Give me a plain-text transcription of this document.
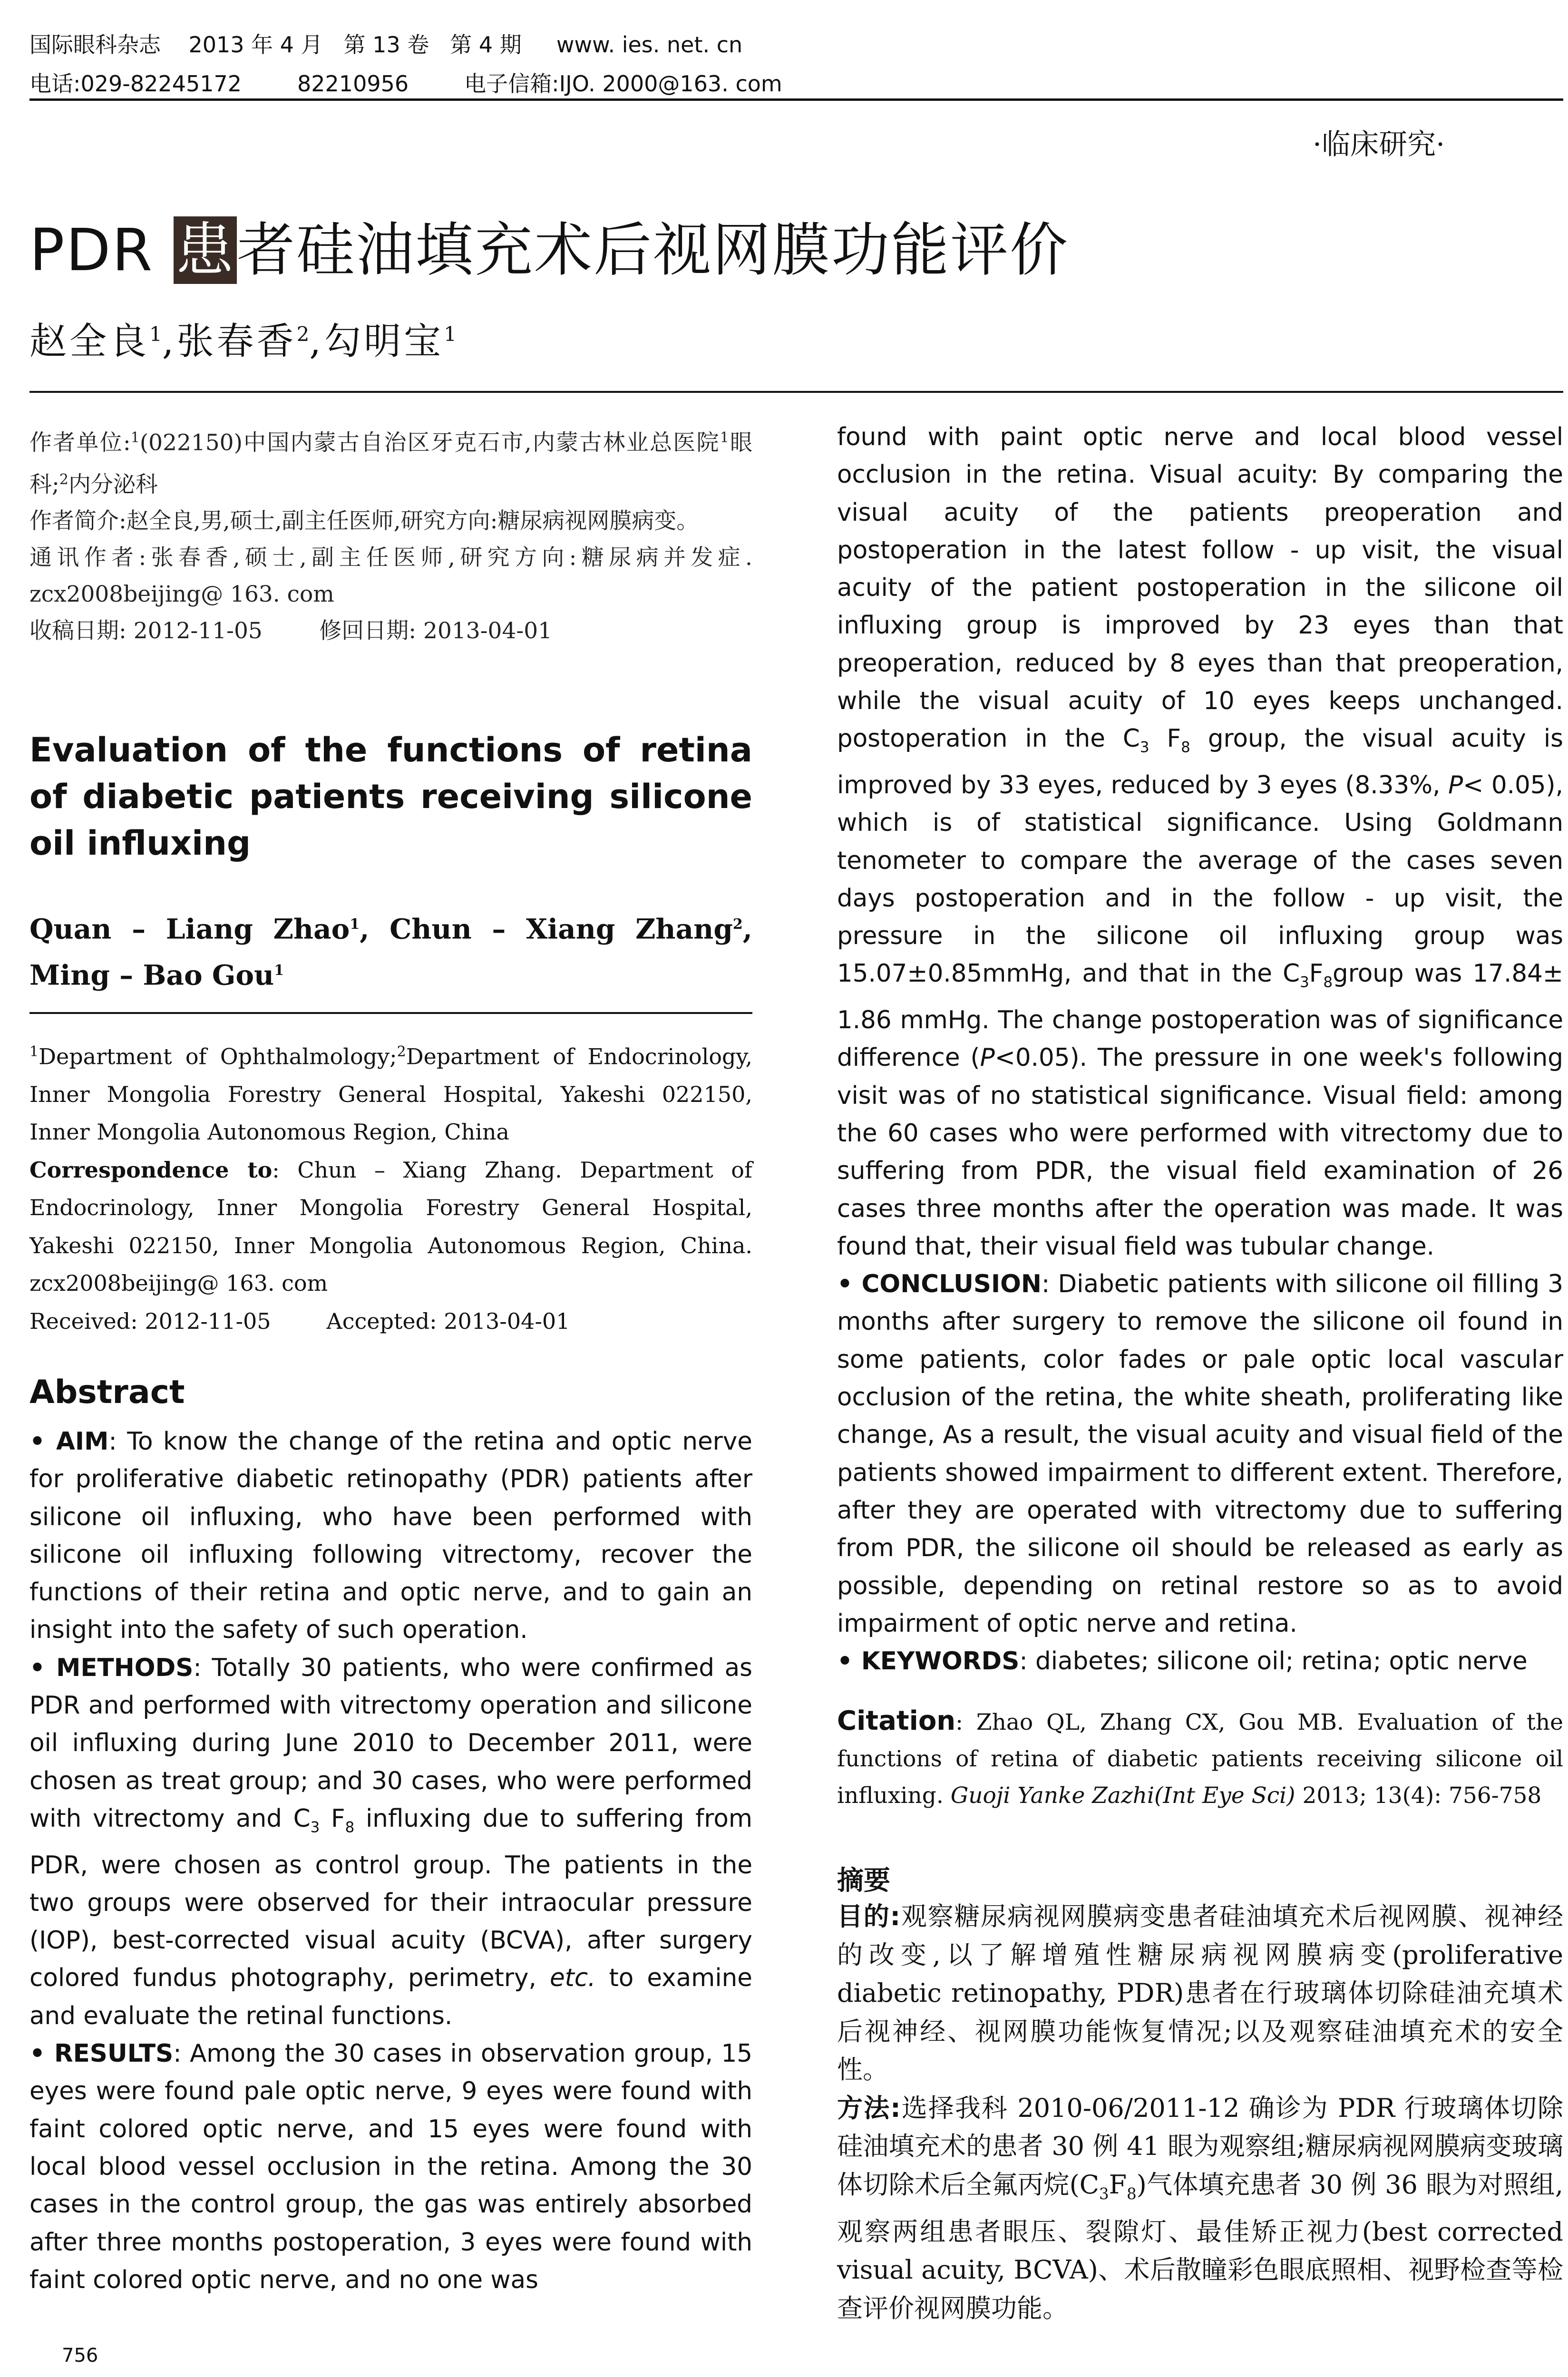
国际眼科杂志    2013 年 4 月   第 13 卷   第 4 期     www. ies. net. cn
电话:029-82245172        82210956        电子信箱:IJO. 2000@163. com
·临床研究·
PDR 患者硅油填充术后视网膜功能评价
赵全良$^1$,张春香$^2$,勾明宝$^1$

作者单位:$^1$(022150)中国内蒙古自治区牙克石市,内蒙古林业总医院$^1$眼科;$^2$内分泌科

作者简介:赵全良,男,硕士,副主任医师,研究方向:糖尿病视网膜病变。

通讯作者:张春香,硕士,副主任医师,研究方向:糖尿病并发症. zcx2008beijing@ 163. com

收稿日期: 2012-11-05        修回日期: 2013-04-01

Evaluation of the functions of retina of diabetic patients receiving silicone oil influxing

Quan – Liang Zhao$^1$, Chun – Xiang Zhang$^2$, Ming – Bao Gou$^1$

$^1$Department of Ophthalmology;$^2$Department of Endocrinology, Inner Mongolia Forestry General Hospital, Yakeshi 022150, Inner Mongolia Autonomous Region, China

Correspondence to: Chun – Xiang Zhang. Department of Endocrinology, Inner Mongolia Forestry General Hospital, Yakeshi 022150, Inner Mongolia Autonomous Region, China. zcx2008beijing@ 163. com

Received: 2012-11-05        Accepted: 2013-04-01

Abstract

• AIM: To know the change of the retina and optic nerve for proliferative diabetic retinopathy (PDR) patients after silicone oil influxing, who have been performed with silicone oil influxing following vitrectomy, recover the functions of their retina and optic nerve, and to gain an insight into the safety of such operation.

• METHODS: Totally 30 patients, who were confirmed as PDR and performed with vitrectomy operation and silicone oil influxing during June 2010 to December 2011, were chosen as treat group; and 30 cases, who were performed with vitrectomy and $C_3$ $F_8$ influxing due to suffering from PDR, were chosen as control group. The patients in the two groups were observed for their intraocular pressure (IOP), best-corrected visual acuity (BCVA), after surgery colored fundus photography, perimetry, etc. to examine and evaluate the retinal functions.

• RESULTS: Among the 30 cases in observation group, 15 eyes were found pale optic nerve, 9 eyes were found with faint colored optic nerve, and 15 eyes were found with local blood vessel occlusion in the retina. Among the 30 cases in the control group, the gas was entirely absorbed after three months postoperation, 3 eyes were found with faint colored optic nerve, and no one was

756

found with paint optic nerve and local blood vessel occlusion in the retina. Visual acuity: By comparing the visual acuity of the patients preoperation and postoperation in the latest follow - up visit, the visual acuity of the patient postoperation in the silicone oil influxing group is improved by 23 eyes than that preoperation, reduced by 8 eyes than that preoperation, while the visual acuity of 10 eyes keeps unchanged. postoperation in the $C_3$ $F_8$ group, the visual acuity is improved by 33 eyes, reduced by 3 eyes (8.33%, P< 0.05), which is of statistical significance. Using Goldmann tenometer to compare the average of the cases seven days postoperation and in the follow - up visit, the pressure in the silicone oil influxing group was 15.07±0.85mmHg, and that in the $C_3F_8group$ was 17.84± 1.86 mmHg. The change postoperation was of significance difference (P<0.05). The pressure in one week's following visit was of no statistical significance. Visual field: among the 60 cases who were performed with vitrectomy due to suffering from PDR, the visual field examination of 26 cases three months after the operation was made. It was found that, their visual field was tubular change.

• CONCLUSION: Diabetic patients with silicone oil filling 3 months after surgery to remove the silicone oil found in some patients, color fades or pale optic local vascular occlusion of the retina, the white sheath, proliferating like change, As a result, the visual acuity and visual field of the patients showed impairment to different extent. Therefore, after they are operated with vitrectomy due to suffering from PDR, the silicone oil should be released as early as possible, depending on retinal restore so as to avoid impairment of optic nerve and retina.

• KEYWORDS: diabetes; silicone oil; retina; optic nerve

Citation: Zhao QL, Zhang CX, Gou MB. Evaluation of the functions of retina of diabetic patients receiving silicone oil influxing. Guoji Yanke Zazhi(Int Eye Sci) 2013; 13(4): 756-758

摘要

目的:观察糖尿病视网膜病变患者硅油填充术后视网膜、视神经的改变,以了解增殖性糖尿病视网膜病变(proliferative diabetic retinopathy, PDR)患者在行玻璃体切除硅油充填术后视神经、视网膜功能恢复情况;以及观察硅油填充术的安全性。

方法:选择我科 2010-06/2011-12 确诊为 PDR 行玻璃体切除硅油填充术的患者 30 例 41 眼为观察组;糖尿病视网膜病变玻璃体切除术后全氟丙烷$(C_3F_8)$气体填充患者 30 例 36 眼为对照组,观察两组患者眼压、裂隙灯、最佳矫正视力(best corrected visual acuity, BCVA)、术后散瞳彩色眼底照相、视野检查等检查评价视网膜功能。
